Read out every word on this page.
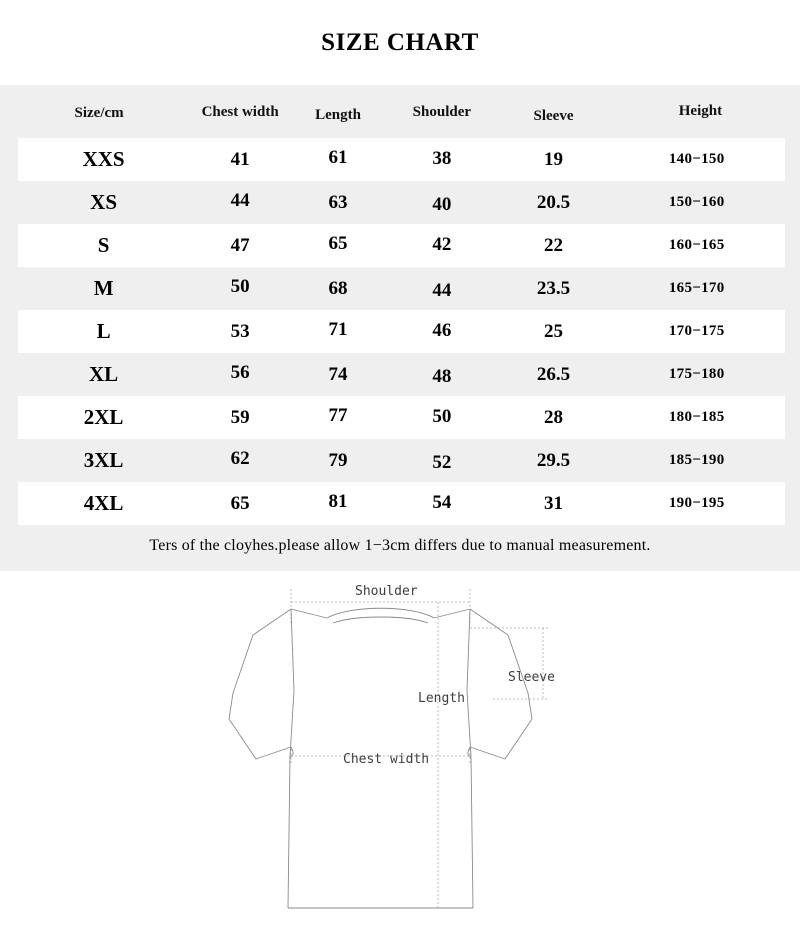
SIZE CHART
Size/cm	Chest width	Length	Shoulder	Sleeve	Height
XXS	41	61	38	19	140−150
XS	44	63	40	20.5	150−160
S	47	65	42	22	160−165
M	50	68	44	23.5	165−170
L	53	71	46	25	170−175
XL	56	74	48	26.5	175−180
2XL	59	77	50	28	180−185
3XL	62	79	52	29.5	185−190
4XL	65	81	54	31	190−195
Ters of the cloyhes.please allow 1−3cm differs due to manual measurement.
Shoulder
Sleeve
Length
Chest width
